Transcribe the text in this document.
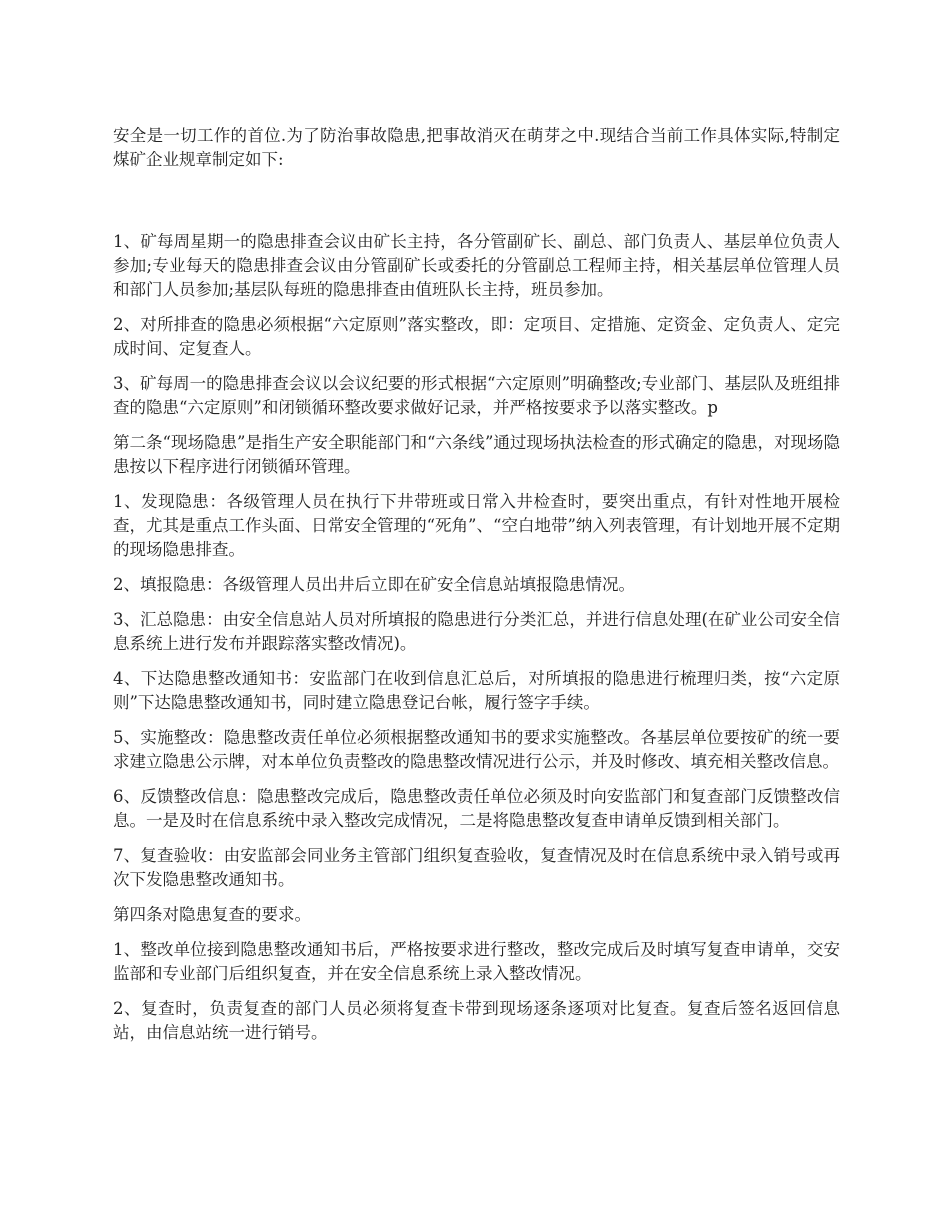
安全是一切工作的首位.为了防治事故隐患,把事故消灭在萌芽之中.现结合当前工作具体实际,特制定煤矿企业规章制定如下:

1、矿每周星期一的隐患排查会议由矿长主持，各分管副矿长、副总、部门负责人、基层单位负责人参加;专业每天的隐患排查会议由分管副矿长或委托的分管副总工程师主持，相关基层单位管理人员和部门人员参加;基层队每班的隐患排查由值班队长主持，班员参加。

2、对所排查的隐患必须根据“六定原则”落实整改，即：定项目、定措施、定资金、定负责人、定完成时间、定复查人。

3、矿每周一的隐患排查会议以会议纪要的形式根据“六定原则”明确整改;专业部门、基层队及班组排查的隐患“六定原则”和闭锁循环整改要求做好记录，并严格按要求予以落实整改。p

第二条“现场隐患”是指生产安全职能部门和“六条线”通过现场执法检查的形式确定的隐患，对现场隐患按以下程序进行闭锁循环管理。

1、发现隐患：各级管理人员在执行下井带班或日常入井检查时，要突出重点，有针对性地开展检查，尤其是重点工作头面、日常安全管理的“死角”、“空白地带”纳入列表管理，有计划地开展不定期的现场隐患排查。

2、填报隐患：各级管理人员出井后立即在矿安全信息站填报隐患情况。

3、汇总隐患：由安全信息站人员对所填报的隐患进行分类汇总，并进行信息处理(在矿业公司安全信息系统上进行发布并跟踪落实整改情况)。

4、下达隐患整改通知书：安监部门在收到信息汇总后，对所填报的隐患进行梳理归类，按“六定原则”下达隐患整改通知书，同时建立隐患登记台帐，履行签字手续。

5、实施整改：隐患整改责任单位必须根据整改通知书的要求实施整改。各基层单位要按矿的统一要求建立隐患公示牌，对本单位负责整改的隐患整改情况进行公示，并及时修改、填充相关整改信息。

6、反馈整改信息：隐患整改完成后，隐患整改责任单位必须及时向安监部门和复查部门反馈整改信息。一是及时在信息系统中录入整改完成情况，二是将隐患整改复查申请单反馈到相关部门。

7、复查验收：由安监部会同业务主管部门组织复查验收，复查情况及时在信息系统中录入销号或再次下发隐患整改通知书。

第四条对隐患复查的要求。

1、整改单位接到隐患整改通知书后，严格按要求进行整改，整改完成后及时填写复查申请单，交安监部和专业部门后组织复查，并在安全信息系统上录入整改情况。

2、复查时，负责复查的部门人员必须将复查卡带到现场逐条逐项对比复查。复查后签名返回信息站，由信息站统一进行销号。
